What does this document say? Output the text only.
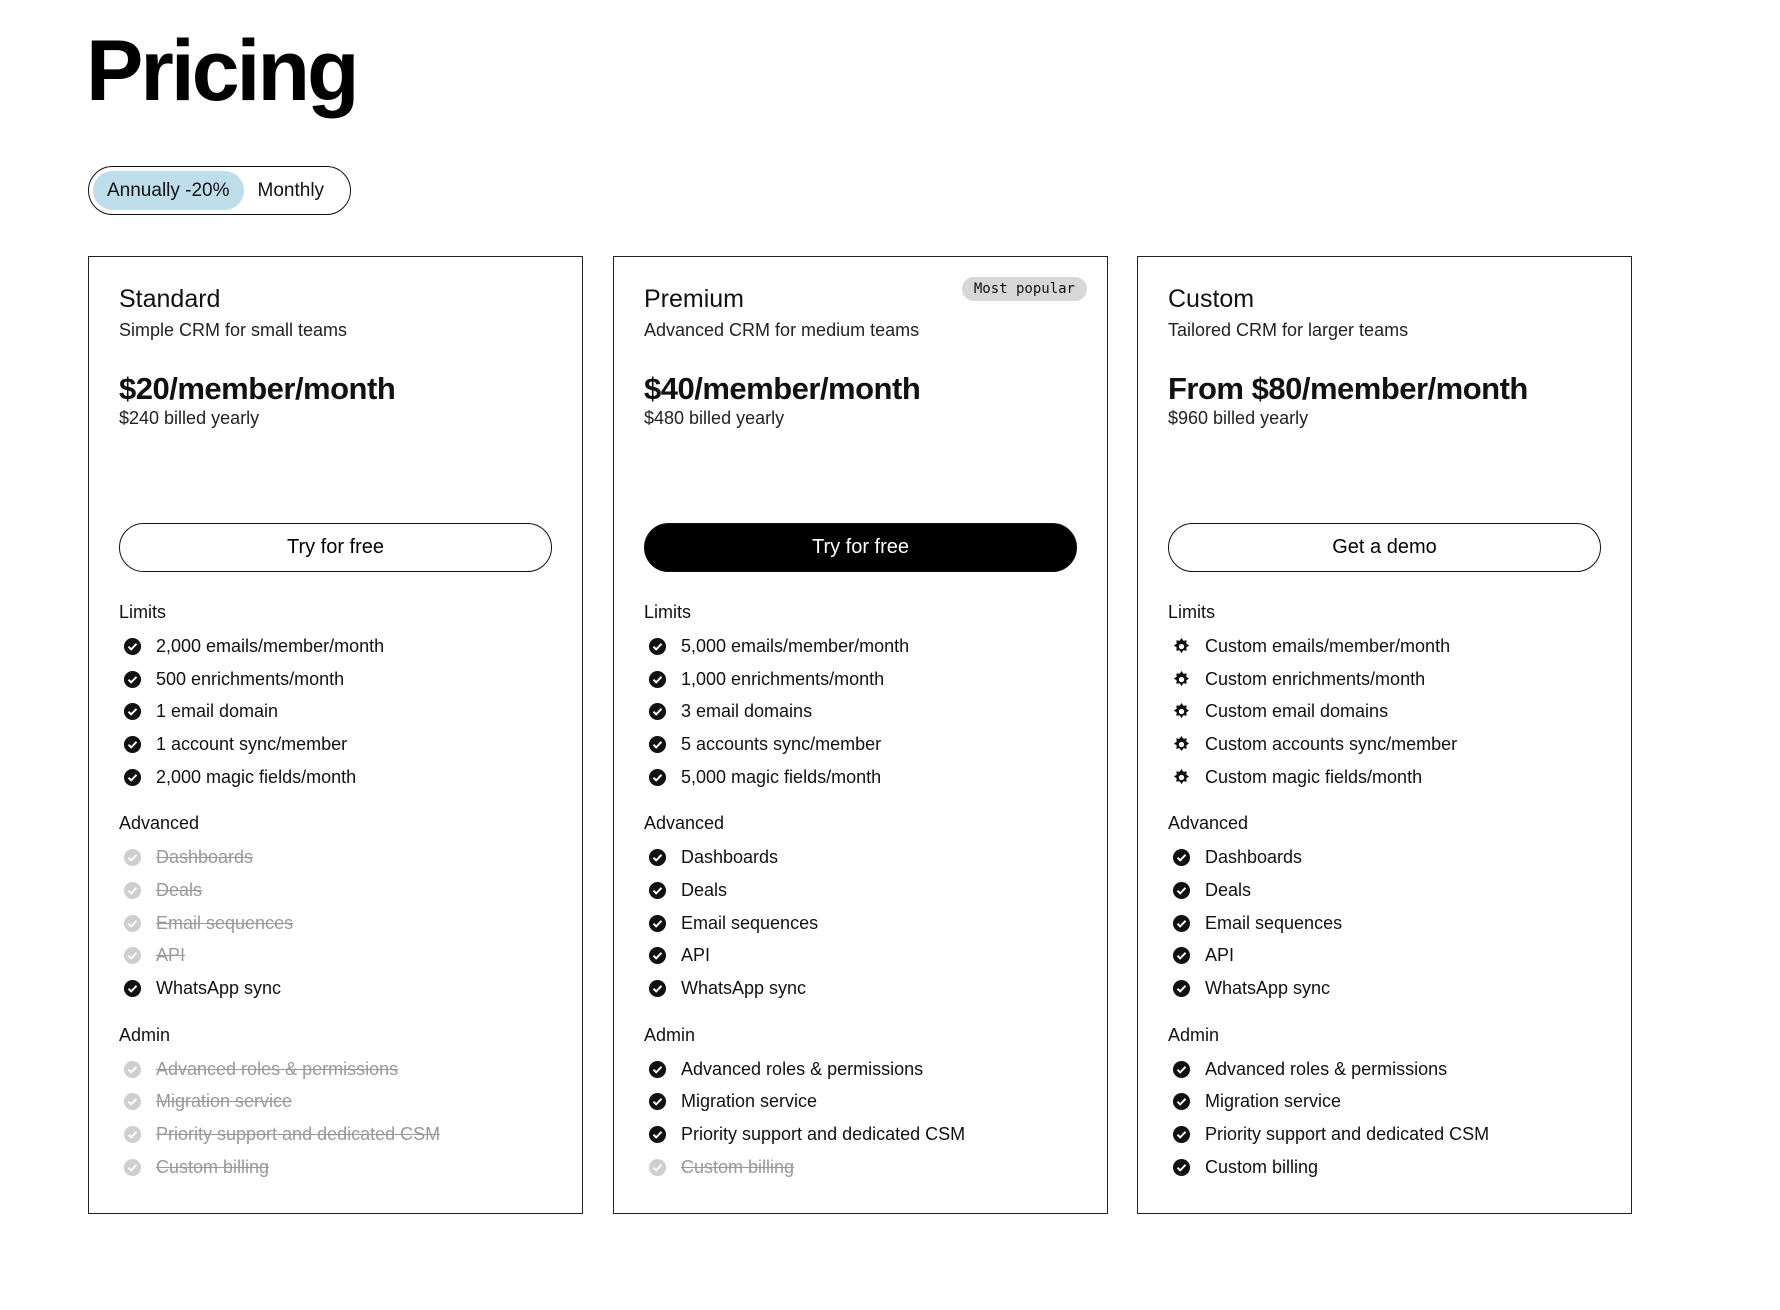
Pricing
Annually -20%	Monthly
Standard
Simple CRM for small teams
$20/member/month
$240 billed yearly
Try for free
Limits
2,000 emails/member/month
500 enrichments/month
1 email domain
1 account sync/member
2,000 magic fields/month
Advanced
Dashboards
Deals
Email sequences
API
WhatsApp sync
Admin
Advanced roles & permissions
Migration service
Priority support and dedicated CSM
Custom billing
Premium
Advanced CRM for medium teams
$40/member/month
$480 billed yearly
Most popular
Try for free
Limits
5,000 emails/member/month
1,000 enrichments/month
3 email domains
5 accounts sync/member
5,000 magic fields/month
Advanced
Dashboards
Deals
Email sequences
API
WhatsApp sync
Admin
Advanced roles & permissions
Migration service
Priority support and dedicated CSM
Custom billing
Custom
Tailored CRM for larger teams
From $80/member/month
$960 billed yearly
Get a demo
Limits
Custom emails/member/month
Custom enrichments/month
Custom email domains
Custom accounts sync/member
Custom magic fields/month
Advanced
Dashboards
Deals
Email sequences
API
WhatsApp sync
Admin
Advanced roles & permissions
Migration service
Priority support and dedicated CSM
Custom billing
